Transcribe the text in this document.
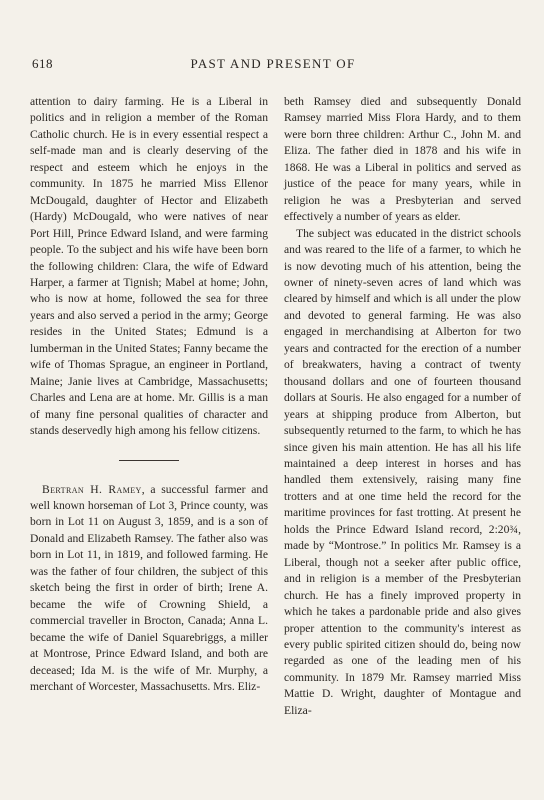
618	PAST AND PRESENT OF

attention to dairy farming. He is a Liberal in politics and in religion a member of the Roman Catholic church. He is in every essential respect a self-made man and is clearly deserving of the respect and esteem which he enjoys in the community. In 1875 he married Miss Ellenor McDougald, daughter of Hector and Elizabeth (Hardy) McDougald, who were natives of near Port Hill, Prince Edward Island, and were farming people. To the subject and his wife have been born the following children: Clara, the wife of Edward Harper, a farmer at Tignish; Mabel at home; John, who is now at home, followed the sea for three years and also served a period in the army; George resides in the United States; Edmund is a lumberman in the United States; Fanny became the wife of Thomas Sprague, an engineer in Portland, Maine; Janie lives at Cambridge, Massachusetts; Charles and Lena are at home. Mr. Gillis is a man of many fine personal qualities of character and stands deservedly high among his fellow citizens.

Bertran H. Ramey, a successful farmer and well known horseman of Lot 3, Prince county, was born in Lot 11 on August 3, 1859, and is a son of Donald and Elizabeth Ramsey. The father also was born in Lot 11, in 1819, and followed farming. He was the father of four children, the subject of this sketch being the first in order of birth; Irene A. became the wife of Crowning Shield, a commercial traveller in Brocton, Canada; Anna L. became the wife of Daniel Squarebriggs, a miller at Montrose, Prince Edward Island, and both are deceased; Ida M. is the wife of Mr. Murphy, a merchant of Worcester, Massachusetts. Mrs. Eliz-

beth Ramsey died and subsequently Donald Ramsey married Miss Flora Hardy, and to them were born three children: Arthur C., John M. and Eliza. The father died in 1878 and his wife in 1868. He was a Liberal in politics and served as justice of the peace for many years, while in religion he was a Presbyterian and served effectively a number of years as elder.

The subject was educated in the district schools and was reared to the life of a farmer, to which he is now devoting much of his attention, being the owner of ninety-seven acres of land which was cleared by himself and which is all under the plow and devoted to general farming. He was also engaged in merchandising at Alberton for two years and contracted for the erection of a number of breakwaters, having a contract of twenty thousand dollars and one of fourteen thousand dollars at Souris. He also engaged for a number of years at shipping produce from Alberton, but subsequently returned to the farm, to which he has since given his main attention. He has all his life maintained a deep interest in horses and has handled them extensively, raising many fine trotters and at one time held the record for the maritime provinces for fast trotting. At present he holds the Prince Edward Island record, 2:20¾, made by “Montrose.” In politics Mr. Ramsey is a Liberal, though not a seeker after public office, and in religion is a member of the Presbyterian church. He has a finely improved property in which he takes a pardonable pride and also gives proper attention to the community's interest as every public spirited citizen should do, being now regarded as one of the leading men of his community. In 1879 Mr. Ramsey married Miss Mattie D. Wright, daughter of Montague and Eliza-
